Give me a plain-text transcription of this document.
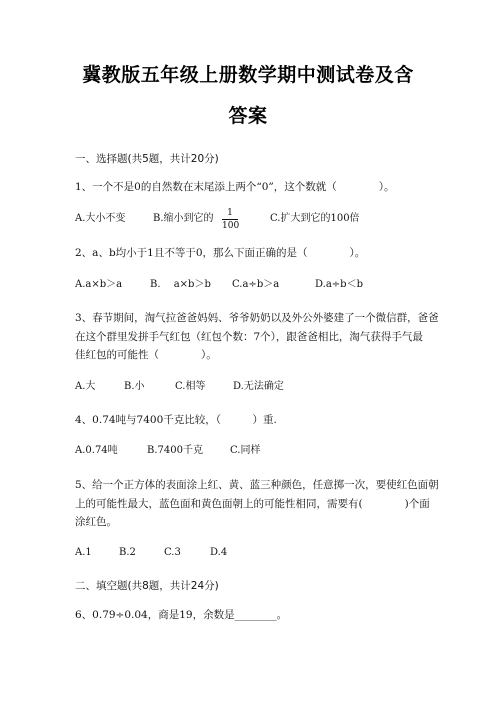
冀教版五年级上册数学期中测试卷及含
答案
一、选择题(共5题，共计20分)
1、一个不是0的自然数在末尾添上两个“0”，这个数就（　　　　）。
A.大小不变	B.缩小到它的	1
100
C.扩大到它的100倍
2、a、b均小于1且不等于0，那么下面正确的是（　　　　）。
A.a×b＞a	B.　 a×b＞b C.a÷b＞a	D.a÷b＜b
3、春节期间，淘气拉爸爸妈妈、爷爷奶奶以及外公外婆建了一个微信群，爸爸
在这个群里发拼手气红包（红包个数：7个），跟爸爸相比，淘气获得手气最
佳红包的可能性（　　　　）。
A.大	B.小	C.相等	D.无法确定
4、0.74吨与7400千克比较，（　　　）重.
A.0.74吨	B.7400千克	C.同样
5、给一个正方体的表面涂上红、黄、蓝三种颜色，任意掷一次，要使红色面朝
上的可能性最大，蓝色面和黄色面朝上的可能性相同，需要有(　　　　)个面
涂红色。
A.1	B.2	C.3	D.4
二、填空题(共8题，共计24分)
6、0.79÷0.04，商是19，余数是________。
